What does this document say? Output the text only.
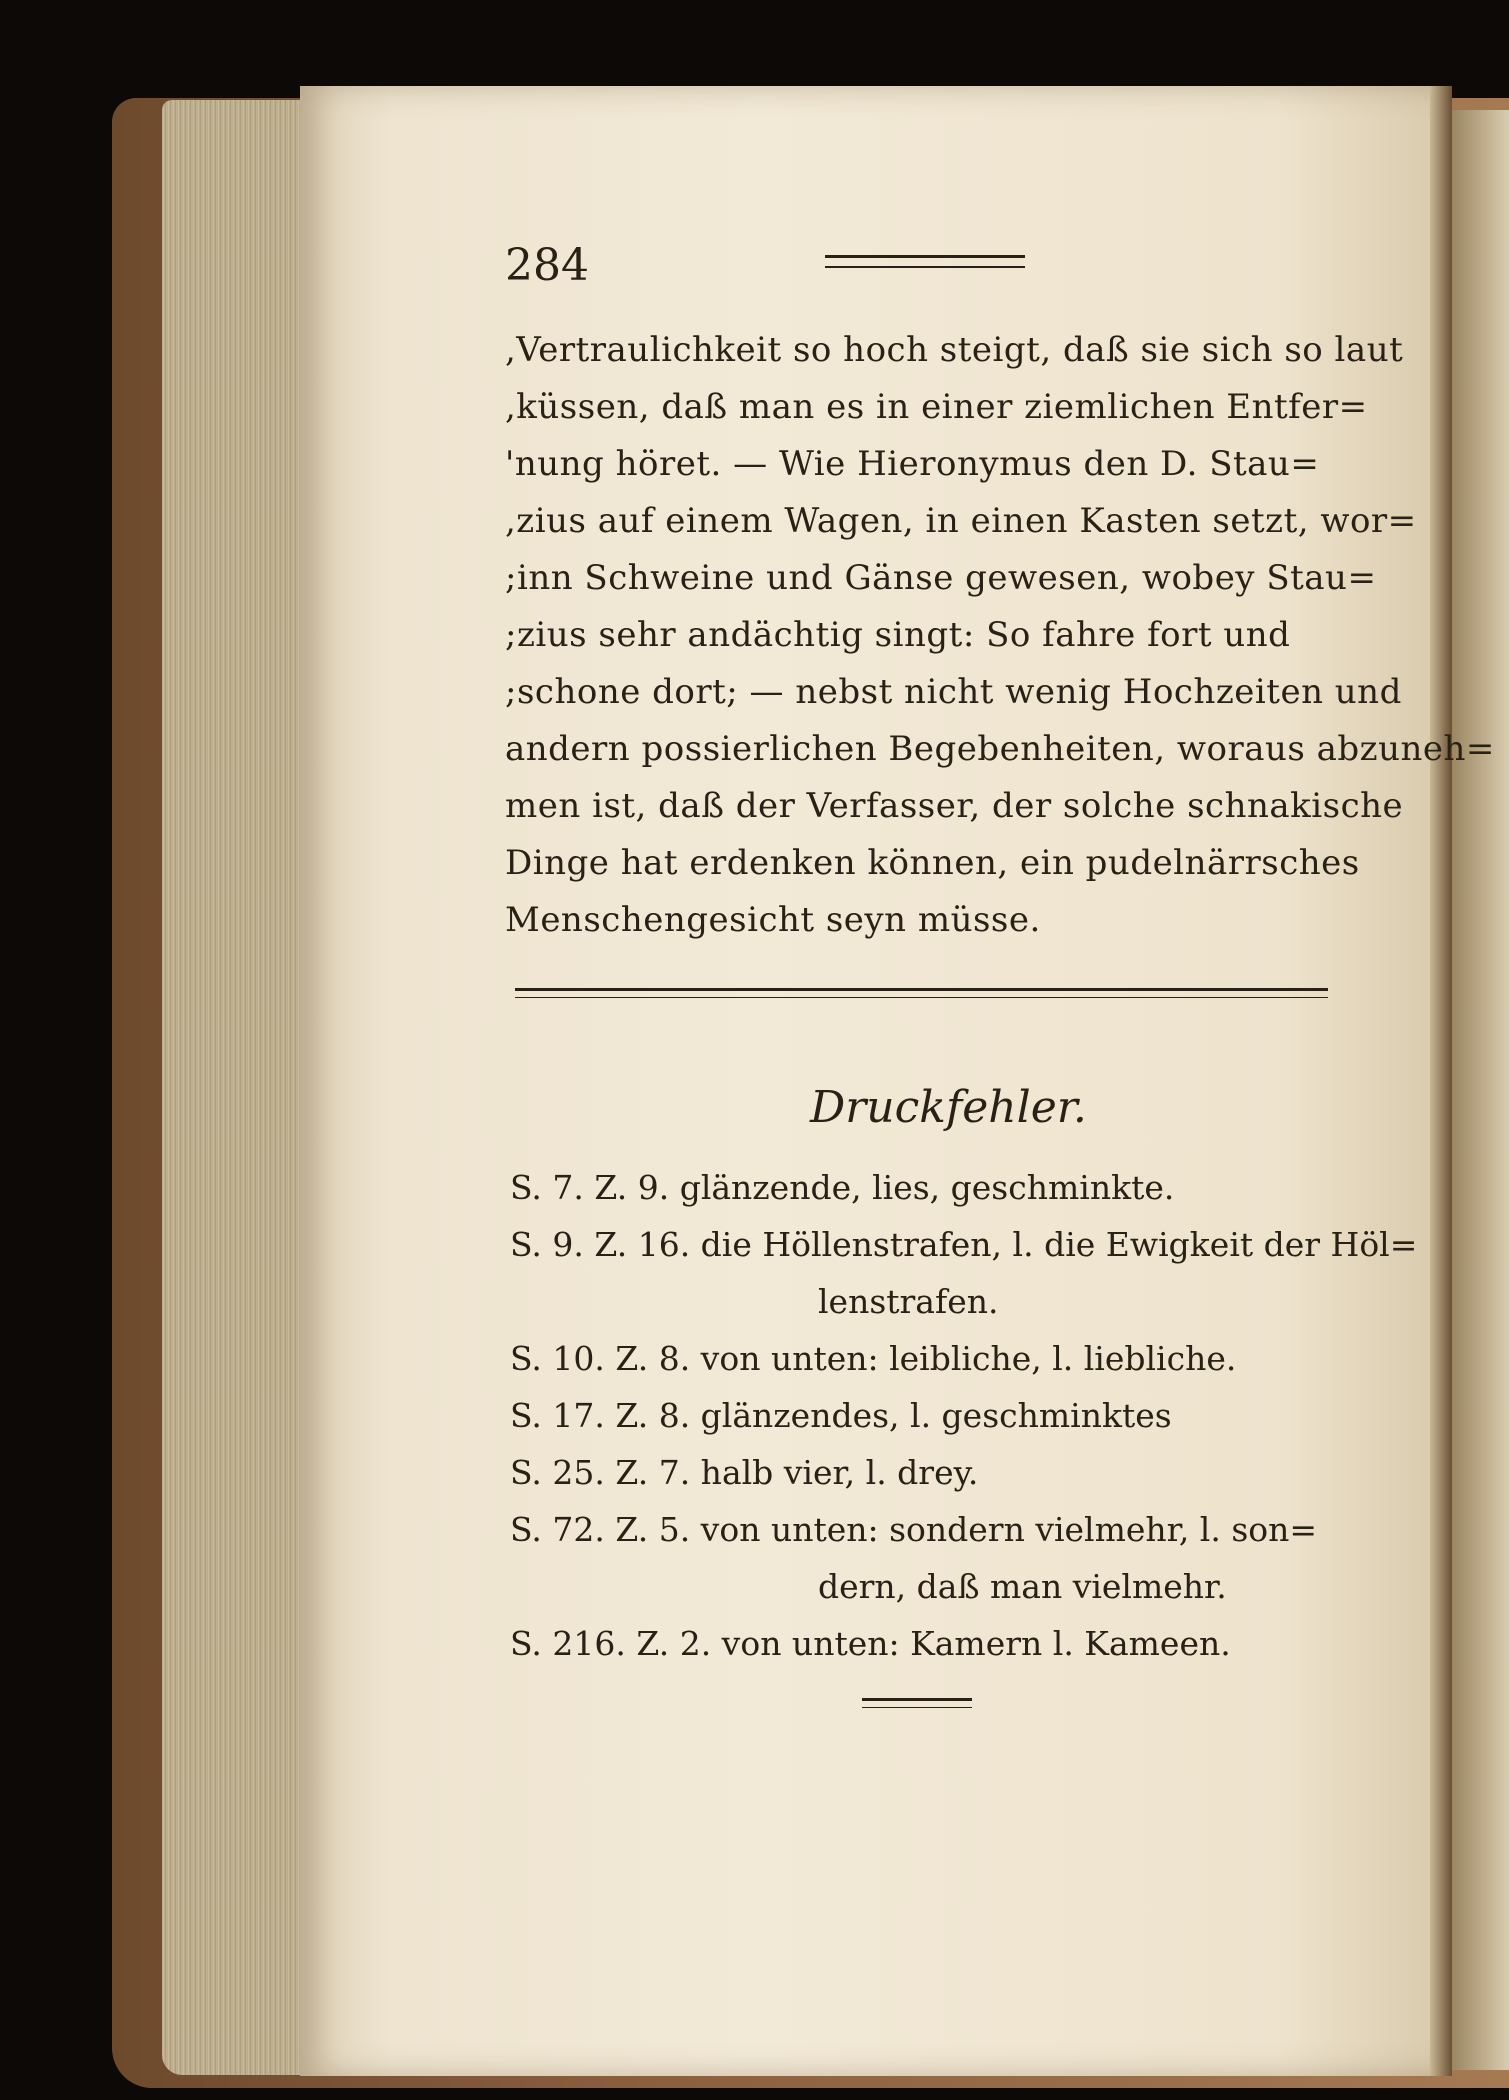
284
,Vertraulichkeit so hoch steigt, daß sie sich so laut
,küssen, daß man es in einer ziemlichen Entfer=
'nung höret. — Wie Hieronymus den D. Stau=
,zius auf einem Wagen, in einen Kasten setzt, wor=
;inn Schweine und Gänse gewesen, wobey Stau=
;zius sehr andächtig singt: So fahre fort und
;schone dort; — nebst nicht wenig Hochzeiten und
andern possierlichen Begebenheiten, woraus abzuneh=
men ist, daß der Verfasser, der solche schnakische
Dinge hat erdenken können, ein pudelnärrsches
Menschengesicht seyn müsse.
Druckfehler.
S. 7. Z. 9. glänzende, lies, geschminkte.
S. 9. Z. 16. die Höllenstrafen, l. die Ewigkeit der Höl=
lenstrafen.
S. 10. Z. 8. von unten: leibliche, l. liebliche.
S. 17. Z. 8. glänzendes, l. geschminktes
S. 25. Z. 7. halb vier, l. drey.
S. 72. Z. 5. von unten: sondern vielmehr, l. son=
dern, daß man vielmehr.
S. 216. Z. 2. von unten: Kamern l. Kameen.
